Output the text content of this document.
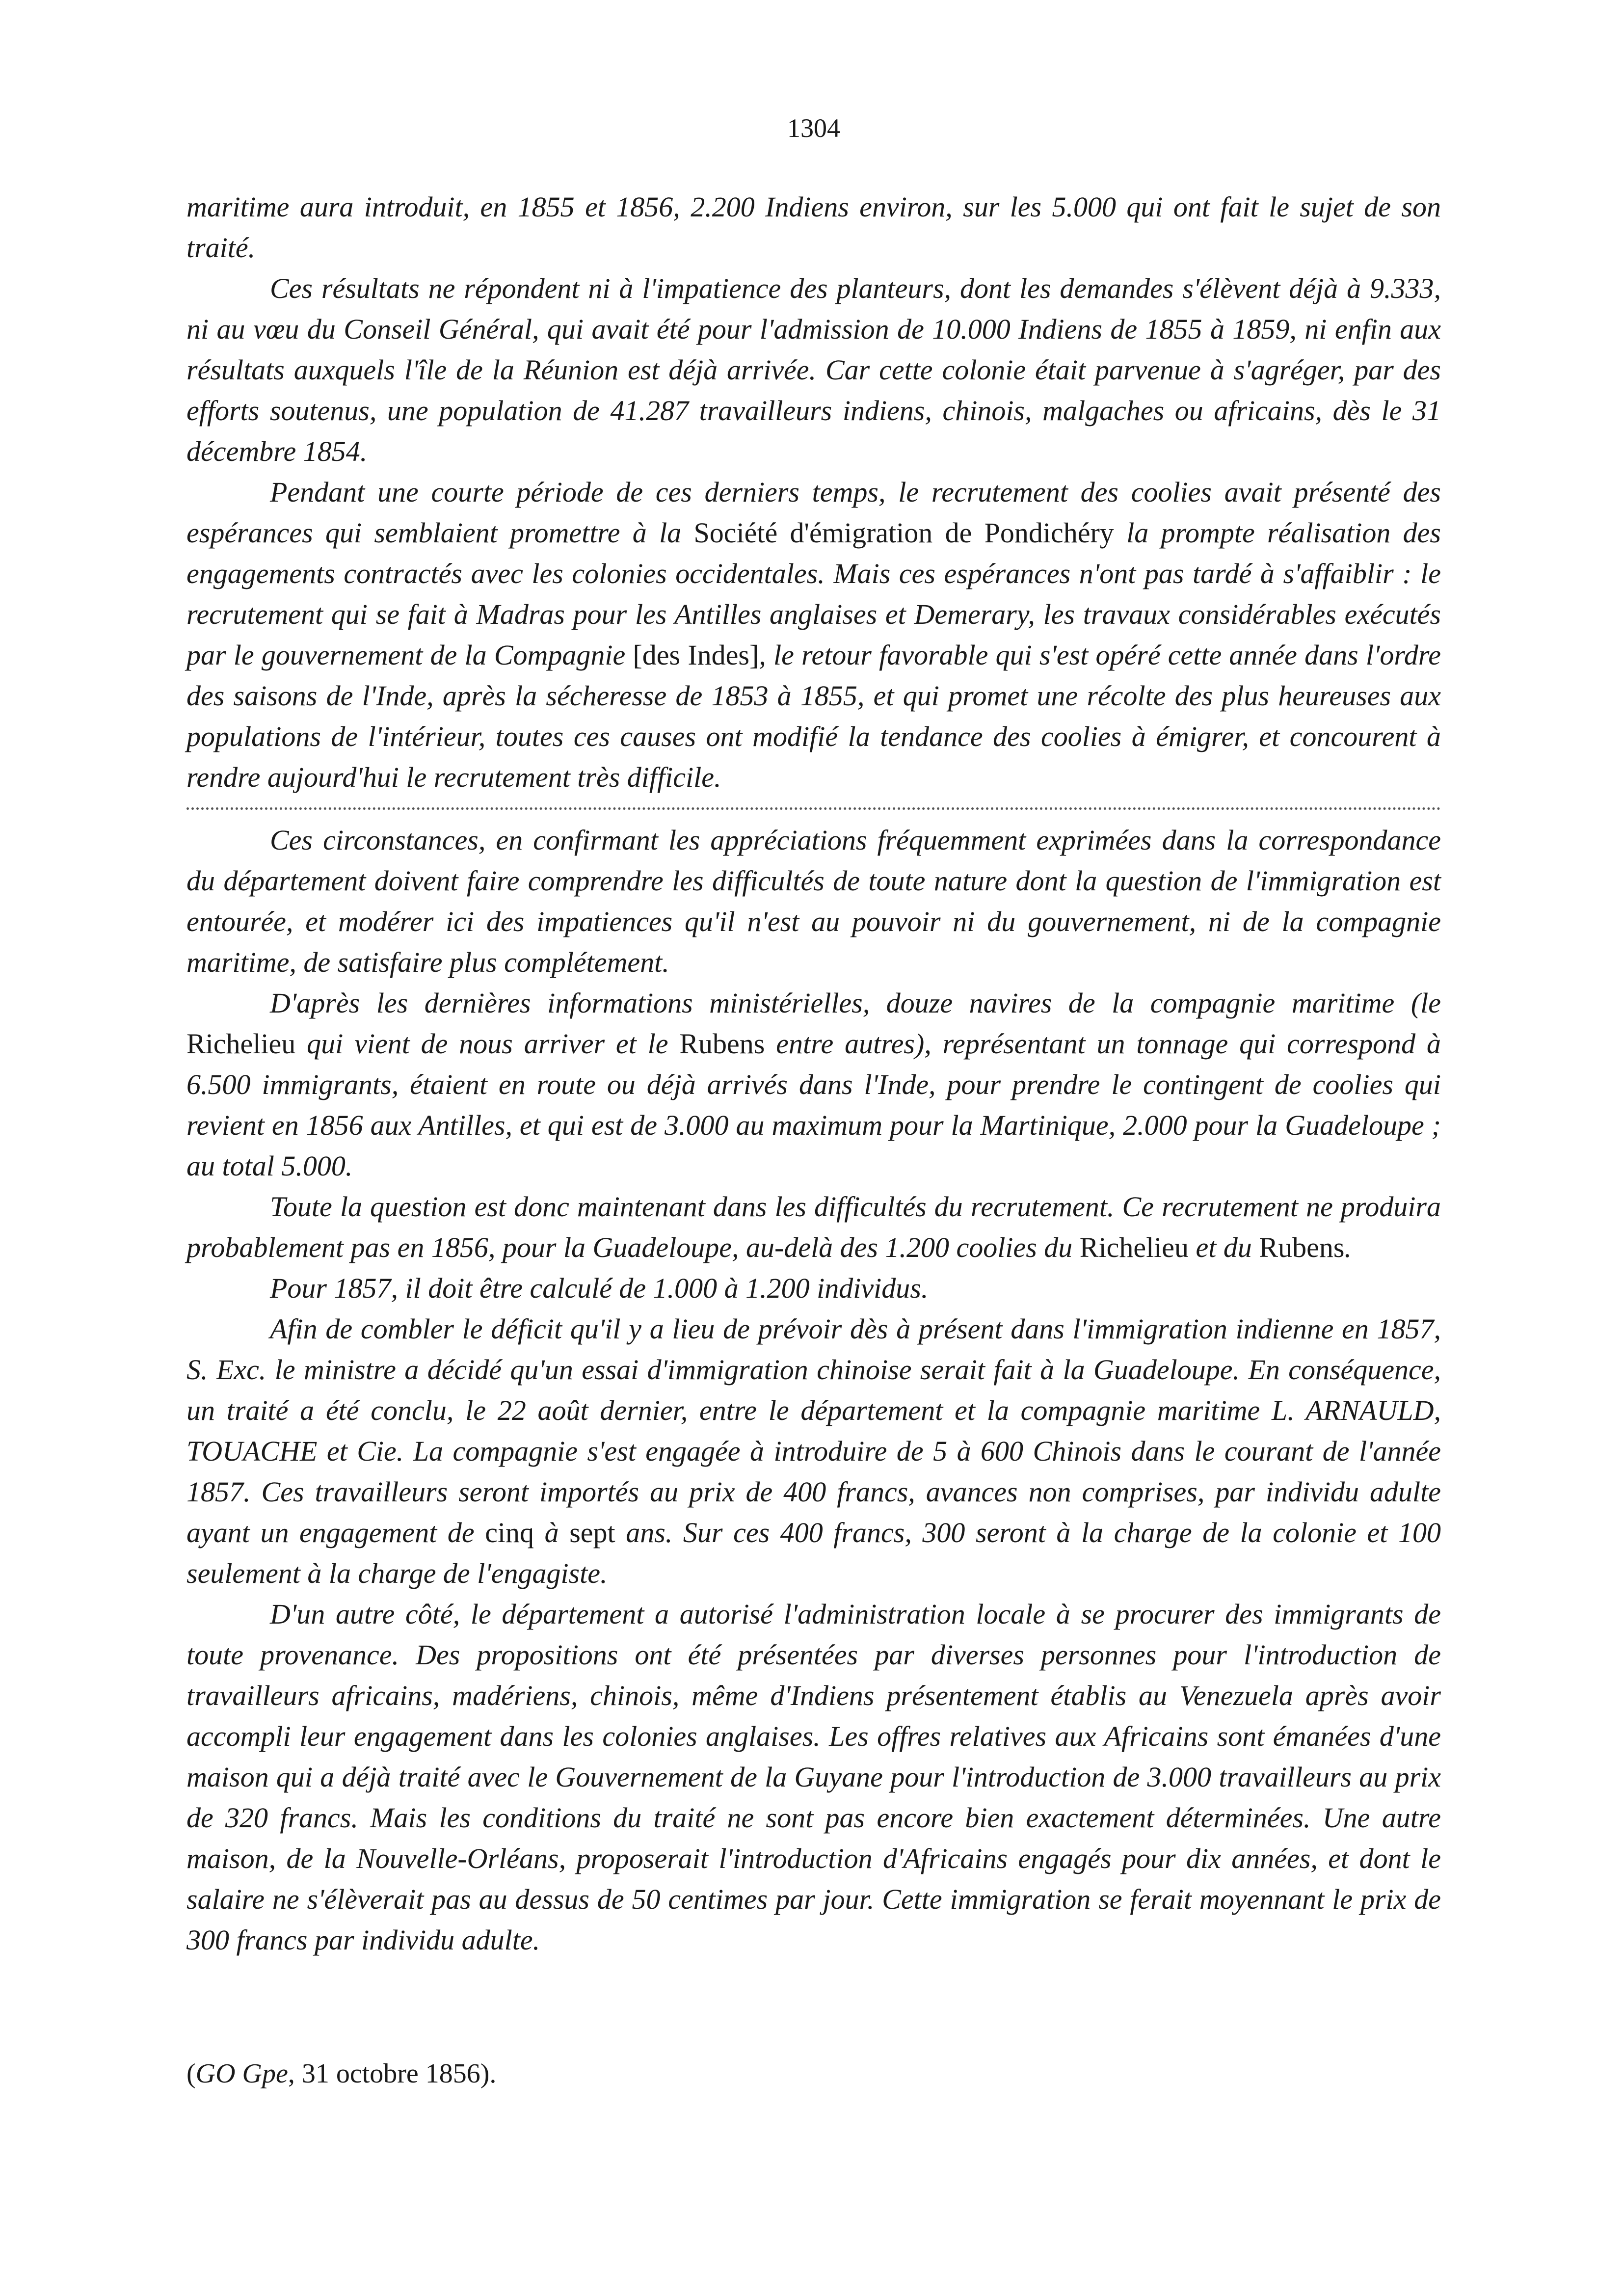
1304

maritime aura introduit, en 1855 et 1856, 2.200 Indiens environ, sur les 5.000 qui ont fait le sujet de son traité.

Ces résultats ne répondent ni à l'impatience des planteurs, dont les demandes s'élèvent déjà à 9.333, ni au vœu du Conseil Général, qui avait été pour l'admission de 10.000 Indiens de 1855 à 1859, ni enfin aux résultats auxquels l'île de la Réunion est déjà arrivée. Car cette colonie était parvenue à s'agréger, par des efforts soutenus, une population de 41.287 travailleurs indiens, chinois, malgaches ou africains, dès le 31 décembre 1854.

Pendant une courte période de ces derniers temps, le recrutement des coolies avait présenté des espérances qui semblaient promettre à la Société d'émigration de Pondichéry la prompte réalisation des engagements contractés avec les colonies occidentales. Mais ces espérances n'ont pas tardé à s'affaiblir : le recrutement qui se fait à Madras pour les Antilles anglaises et Demerary, les travaux considérables exécutés par le gouvernement de la Compagnie [des Indes], le retour favorable qui s'est opéré cette année dans l'ordre des saisons de l'Inde, après la sécheresse de 1853 à 1855, et qui promet une récolte des plus heureuses aux populations de l'intérieur, toutes ces causes ont modifié la tendance des coolies à émigrer, et concourent à rendre aujourd'hui le recrutement très difficile.

Ces circonstances, en confirmant les appréciations fréquemment exprimées dans la correspondance du département doivent faire comprendre les difficultés de toute nature dont la question de l'immigration est entourée, et modérer ici des impatiences qu'il n'est au pouvoir ni du gouvernement, ni de la compagnie maritime, de satisfaire plus complétement.

D'après les dernières informations ministérielles, douze navires de la compagnie maritime (le Richelieu qui vient de nous arriver et le Rubens entre autres), représentant un tonnage qui correspond à 6.500 immigrants, étaient en route ou déjà arrivés dans l'Inde, pour prendre le contingent de coolies qui revient en 1856 aux Antilles, et qui est de 3.000 au maximum pour la Martinique, 2.000 pour la Guadeloupe ; au total 5.000.

Toute la question est donc maintenant dans les difficultés du recrutement. Ce recrutement ne produira probablement pas en 1856, pour la Guadeloupe, au-delà des 1.200 coolies du Richelieu et du Rubens.

Pour 1857, il doit être calculé de 1.000 à 1.200 individus.

Afin de combler le déficit qu'il y a lieu de prévoir dès à présent dans l'immigration indienne en 1857, S. Exc. le ministre a décidé qu'un essai d'immigration chinoise serait fait à la Guadeloupe. En conséquence, un traité a été conclu, le 22 août dernier, entre le département et la compagnie maritime L. ARNAULD, TOUACHE et Cie. La compagnie s'est engagée à introduire de 5 à 600 Chinois dans le courant de l'année 1857. Ces travailleurs seront importés au prix de 400 francs, avances non comprises, par individu adulte ayant un engagement de cinq à sept ans. Sur ces 400 francs, 300 seront à la charge de la colonie et 100 seulement à la charge de l'engagiste.

D'un autre côté, le département a autorisé l'administration locale à se procurer des immigrants de toute provenance. Des propositions ont été présentées par diverses personnes pour l'introduction de travailleurs africains, madériens, chinois, même d'Indiens présentement établis au Venezuela après avoir accompli leur engagement dans les colonies anglaises. Les offres relatives aux Africains sont émanées d'une maison qui a déjà traité avec le Gouvernement de la Guyane pour l'introduction de 3.000 travailleurs au prix de 320 francs. Mais les conditions du traité ne sont pas encore bien exactement déterminées. Une autre maison, de la Nouvelle-Orléans, proposerait l'introduction d'Africains engagés pour dix années, et dont le salaire ne s'élèverait pas au dessus de 50 centimes par jour. Cette immigration se ferait moyennant le prix de 300 francs par individu adulte.

(GO Gpe, 31 octobre 1856).
